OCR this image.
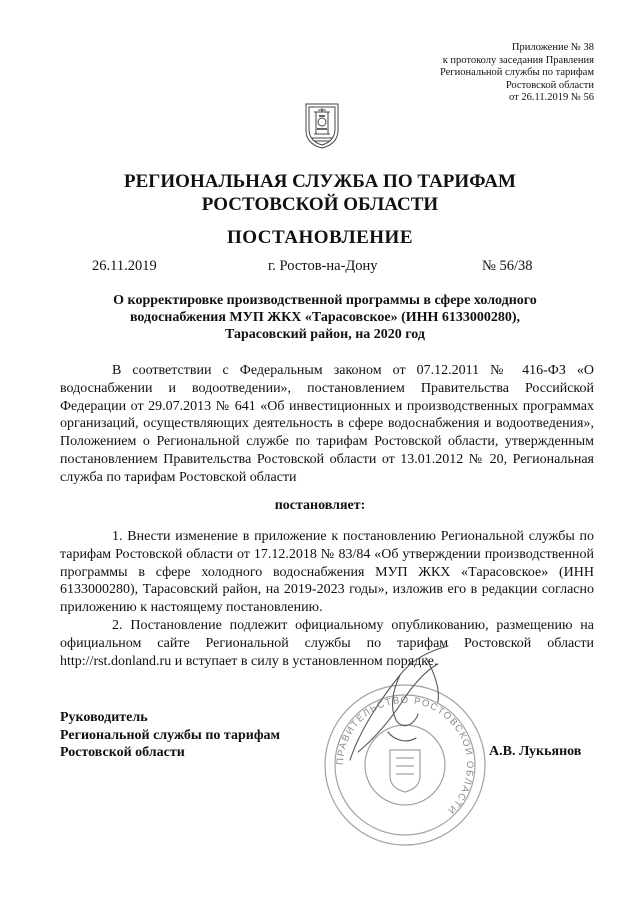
Приложение № 38
к протоколу заседания Правления
Региональной службы по тарифам
Ростовской области
от 26.11.2019 № 56
РЕГИОНАЛЬНАЯ СЛУЖБА ПО ТАРИФАМ
РОСТОВСКОЙ ОБЛАСТИ
ПОСТАНОВЛЕНИЕ
26.11.2019	г. Ростов-на-Дону	№ 56/38
О корректировке производственной программы в сфере холодного
водоснабжения МУП ЖКХ «Тарасовское» (ИНН 6133000280),
Тарасовский район, на 2020 год
В соответствии с Федеральным законом от 07.12.2011 № 416-ФЗ «О водоснабжении и водоотведении», постановлением Правительства Российской Федерации от 29.07.2013 № 641 «Об инвестиционных и производственных программах организаций, осуществляющих деятельность в сфере водоснабжения и водоотведения», Положением о Региональной службе по тарифам Ростовской области, утвержденным постановлением Правительства Ростовской области от 13.01.2012 № 20, Региональная служба по тарифам Ростовской области
постановляет:
1. Внести изменение в приложение к постановлению Региональной службы по тарифам Ростовской области от 17.12.2018 № 83/84 «Об утверждении производственной программы в сфере холодного водоснабжения МУП ЖКХ «Тарасовское» (ИНН 6133000280), Тарасовский район, на 2019-2023 годы», изложив его в редакции согласно приложению к настоящему постановлению.
2. Постановление подлежит официальному опубликованию, размещению на официальном сайте Региональной службы по тарифам Ростовской области http://rst.donland.ru и вступает в силу в установленном порядке.
ПРАВИТЕЛЬСТВО РОСТОВСКОЙ ОБЛАСТИ
Руководитель
Региональной службы по тарифам
Ростовской области	А.В. Лукьянов
